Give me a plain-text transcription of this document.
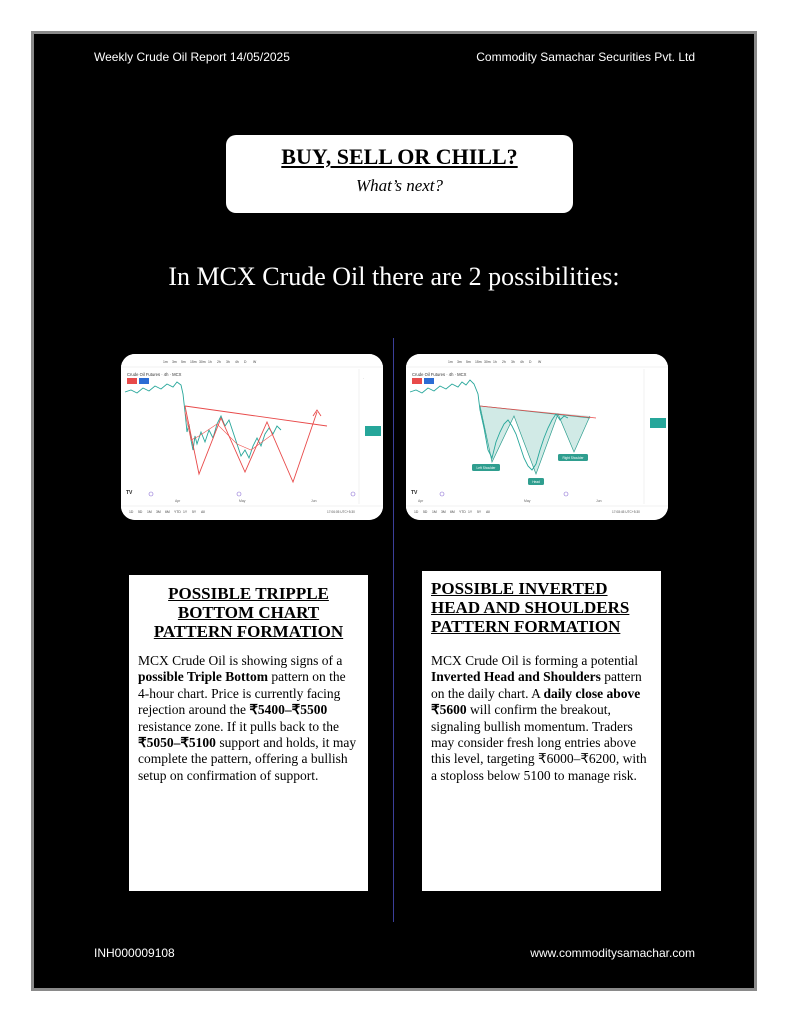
Weekly Crude Oil Report 14/05/2025	Commodity Samachar Securities Pvt. Ltd
BUY, SELL OR CHILL?
What’s next?
In MCX Crude Oil there are 2 possibilities:
1m 3m 5m 15m 30m 1h 2h 3h 4h D W
Crude Oil Futures · 4h · MCX
·
Apr	May	Jun
TV
1D 5D 1M 3M 6M YTD 1Y 5Y All	17:06:05 UTC+5:30
1m 3m 5m 15m 30m 1h 2h 3h 4h D W
Crude Oil Futures · 4h · MCX
Left Shoulder
Head
Right Shoulder
Apr	May	Jun
TV
1D 5D 1M 3M 6M YTD 1Y 5Y All	17:08:45 UTC+5:30

POSSIBLE TRIPPLE BOTTOM CHART PATTERN FORMATION

MCX Crude Oil is showing signs of a possible Triple Bottom pattern on the 4-hour chart. Price is currently facing rejection around the ₹5400–₹5500 resistance zone. If it pulls back to the ₹5050–₹5100 support and holds, it may complete the pattern, offering a bullish setup on confirmation of support.

POSSIBLE INVERTED HEAD AND SHOULDERS PATTERN FORMATION

MCX Crude Oil is forming a potential Inverted Head and Shoulders pattern on the daily chart. A daily close above ₹5600 will confirm the breakout, signaling bullish momentum. Traders may consider fresh long entries above this level, targeting ₹6000–₹6200, with a stoploss below 5100 to manage risk.
INH000009108	www.commoditysamachar.com
